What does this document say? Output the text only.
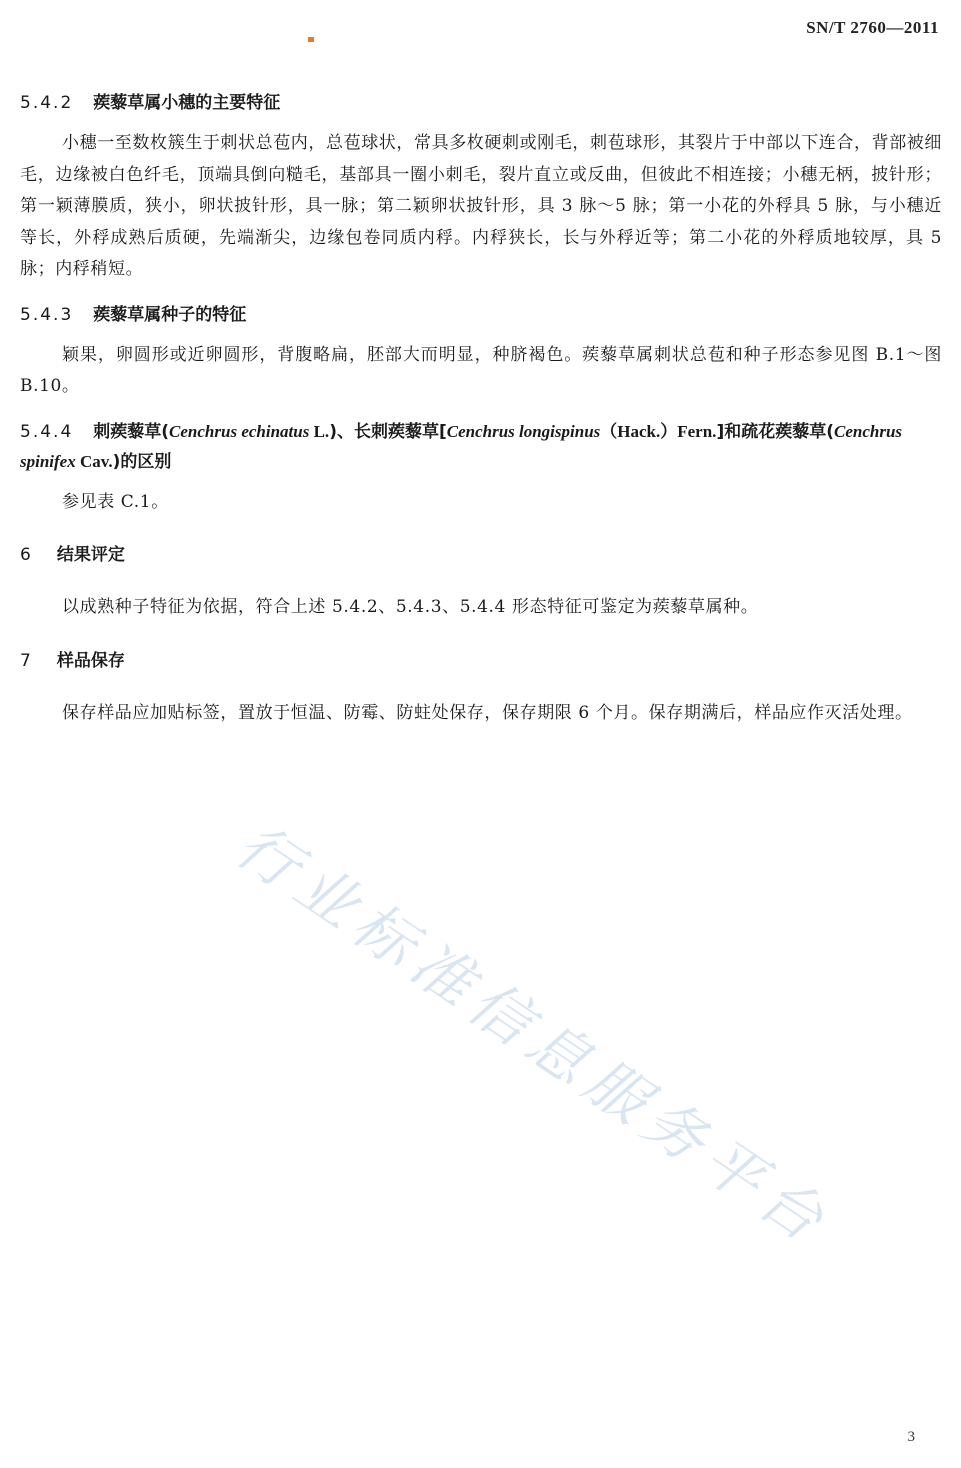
SN/T 2760—2011
行业标准信息服务平台
5.4.2 蒺藜草属小穗的主要特征

小穗一至数枚簇生于刺状总苞内，总苞球状，常具多枚硬刺或刚毛，刺苞球形，其裂片于中部以下连合，背部被细毛，边缘被白色纤毛，顶端具倒向糙毛，基部具一圈小刺毛，裂片直立或反曲，但彼此不相连接；小穗无柄，披针形；第一颖薄膜质，狭小，卵状披针形，具一脉；第二颖卵状披针形，具 3 脉～5 脉；第一小花的外稃具 5 脉，与小穗近等长，外稃成熟后质硬，先端渐尖，边缘包卷同质内稃。内稃狭长，长与外稃近等；第二小花的外稃质地较厚，具 5 脉；内稃稍短。

5.4.3 蒺藜草属种子的特征

颖果，卵圆形或近卵圆形，背腹略扁，胚部大而明显，种脐褐色。蒺藜草属刺状总苞和种子形态参见图 B.1～图 B.10。

5.4.4 刺蒺藜草(Cenchrus echinatus L.)、长刺蒺藜草[Cenchrus longispinus（Hack.）Fern.]和疏花蒺藜草(Cenchrus spinifex Cav.)的区别

参见表 C.1。

6 结果评定

以成熟种子特征为依据，符合上述 5.4.2、5.4.3、5.4.4 形态特征可鉴定为蒺藜草属种。

7 样品保存

保存样品应加贴标签，置放于恒温、防霉、防蛀处保存，保存期限 6 个月。保存期满后，样品应作灭活处理。

3
